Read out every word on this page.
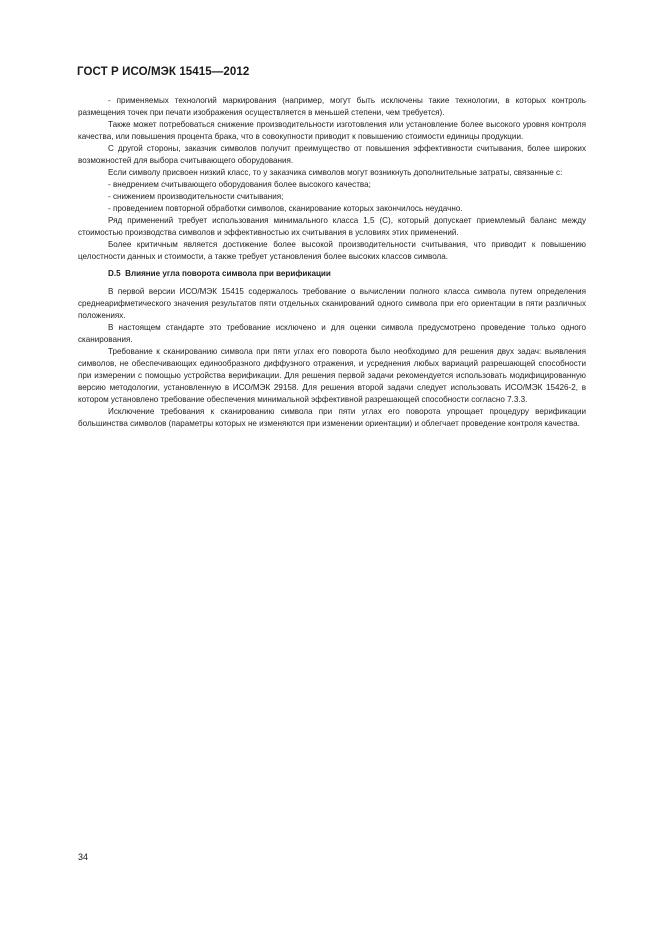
ГОСТ Р ИСО/МЭК 15415—2012

- применяемых технологий маркирования (например, могут быть исключены такие технологии, в которых контроль размещения точек при печати изображения осуществляется в меньшей степени, чем требуется).

Также может потребоваться снижение производительности изготовления или установление более высокого уровня контроля качества, или повышения процента брака, что в совокупности приводит к повышению стоимости единицы продукции.

С другой стороны, заказчик символов получит преимущество от повышения эффективности считывания, более широких возможностей для выбора считывающего оборудования.

Если символу присвоен низкий класс, то у заказчика символов могут возникнуть дополнительные затраты, связанные с:

- внедрением считывающего оборудования более высокого качества;

- снижением производительности считывания;

- проведением повторной обработки символов, сканирование которых закончилось неудачно.

Ряд применений требует использования минимального класса 1,5 (С), который допускает приемлемый баланс между стоимостью производства символов и эффективностью их считывания в условиях этих применений.

Более критичным является достижение более высокой производительности считывания, что приводит к повышению целостности данных и стоимости, а также требует установления более высоких классов символа.

D.5 Влияние угла поворота символа при верификации

В первой версии ИСО/МЭК 15415 содержалось требование о вычислении полного класса символа путем определения среднеарифметического значения результатов пяти отдельных сканирований одного символа при его ориентации в пяти различных положениях.

В настоящем стандарте это требование исключено и для оценки символа предусмотрено проведение только одного сканирования.

Требование к сканированию символа при пяти углах его поворота было необходимо для решения двух задач: выявления символов, не обеспечивающих единообразного диффузного отражения, и усреднения любых вариаций разрешающей способности при измерении с помощью устройства верификации. Для решения первой задачи рекомендуется использовать модифицированную версию методологии, установленную в ИСО/МЭК 29158. Для решения второй задачи следует использовать ИСО/МЭК 15426-2, в котором установлено требование обеспечения минимальной эффективной разрешающей способности согласно 7.3.3.

Исключение требования к сканированию символа при пяти углах его поворота упрощает процедуру верификации большинства символов (параметры которых не изменяются при изменении ориентации) и облегчает проведение контроля качества.

34
